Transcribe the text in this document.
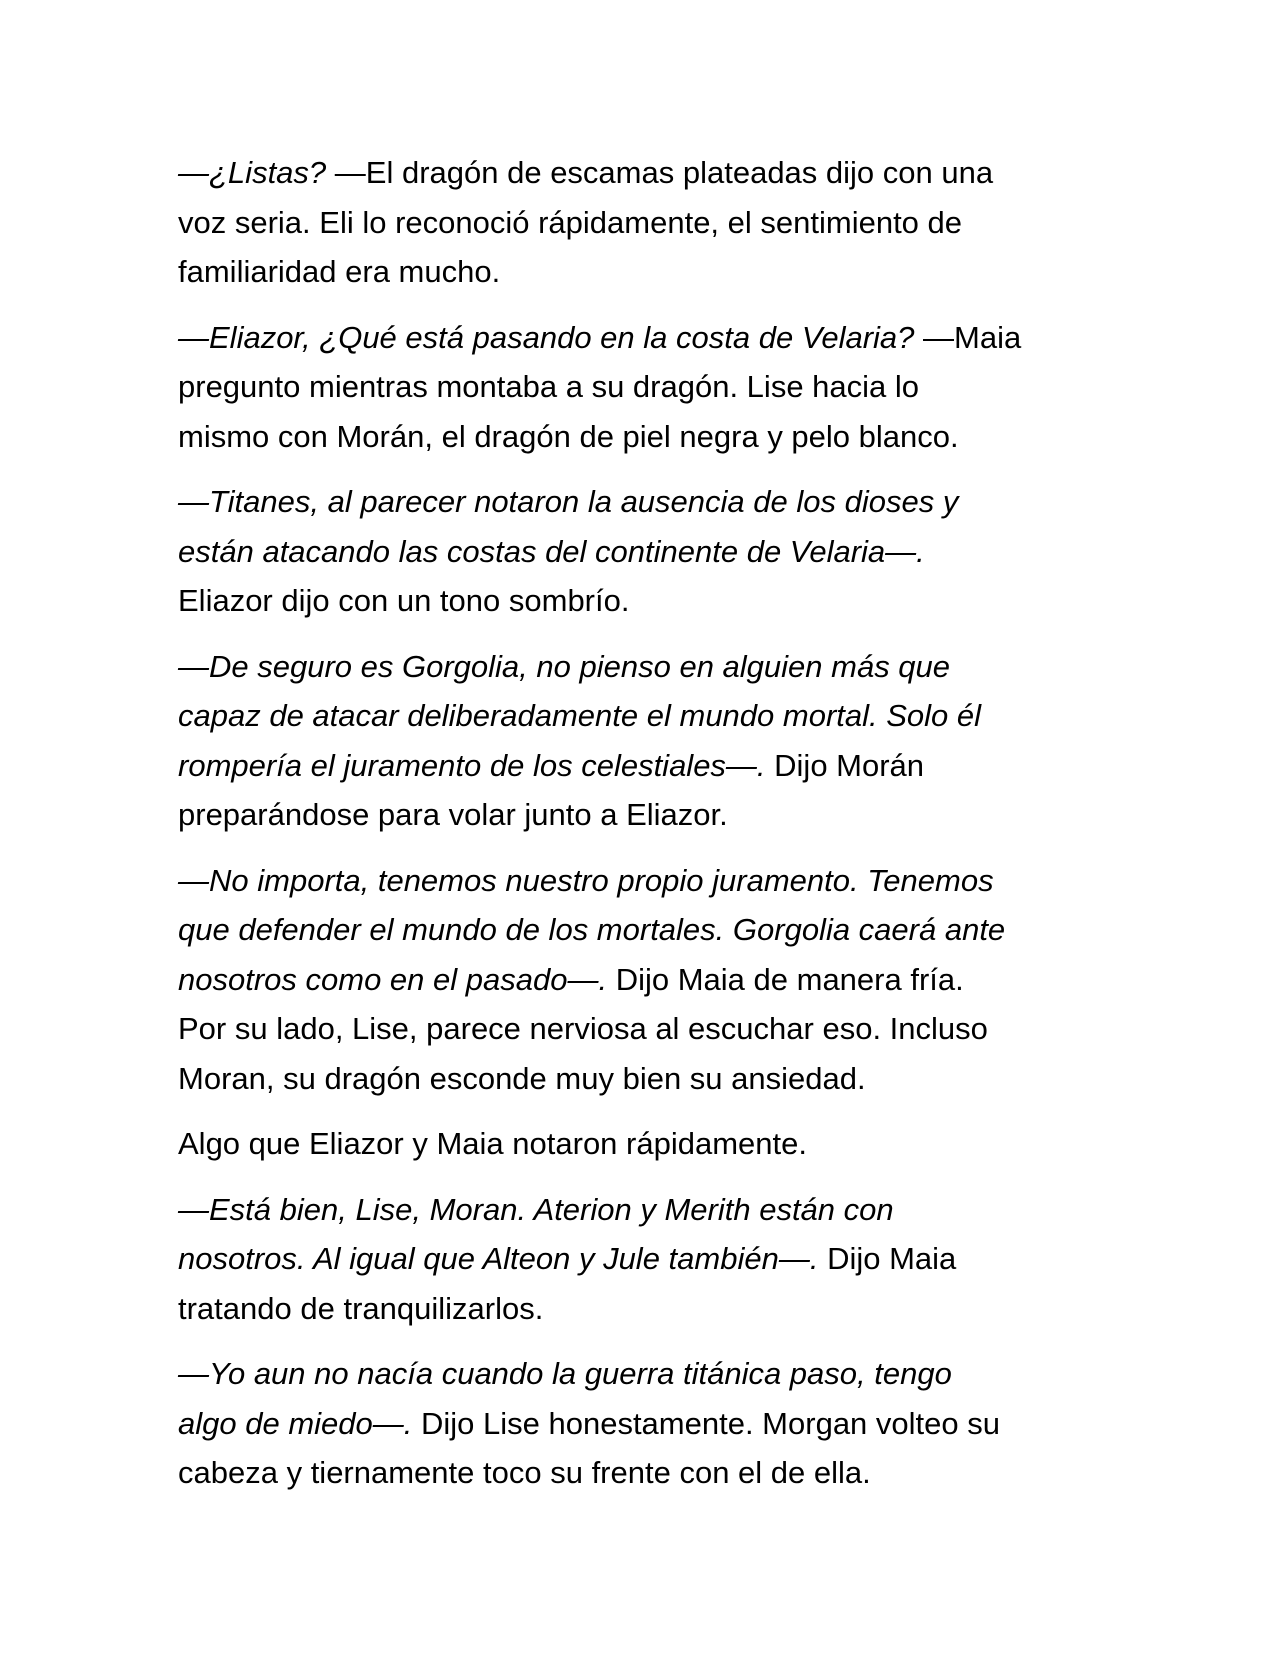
—¿Listas? —El dragón de escamas plateadas dijo con una
voz seria. Eli lo reconoció rápidamente, el sentimiento de
familiaridad era mucho.

—Eliazor, ¿Qué está pasando en la costa de Velaria? —Maia
pregunto mientras montaba a su dragón. Lise hacia lo
mismo con Morán, el dragón de piel negra y pelo blanco.

—Titanes, al parecer notaron la ausencia de los dioses y
están atacando las costas del continente de Velaria—.
Eliazor dijo con un tono sombrío.

—De seguro es Gorgolia, no pienso en alguien más que
capaz de atacar deliberadamente el mundo mortal. Solo él
rompería el juramento de los celestiales—. Dijo Morán
preparándose para volar junto a Eliazor.

—No importa, tenemos nuestro propio juramento. Tenemos
que defender el mundo de los mortales. Gorgolia caerá ante
nosotros como en el pasado—. Dijo Maia de manera fría.
Por su lado, Lise, parece nerviosa al escuchar eso. Incluso
Moran, su dragón esconde muy bien su ansiedad.

Algo que Eliazor y Maia notaron rápidamente.

—Está bien, Lise, Moran. Aterion y Merith están con
nosotros. Al igual que Alteon y Jule también—. Dijo Maia
tratando de tranquilizarlos.

—Yo aun no nacía cuando la guerra titánica paso, tengo
algo de miedo—. Dijo Lise honestamente. Morgan volteo su
cabeza y tiernamente toco su frente con el de ella.
